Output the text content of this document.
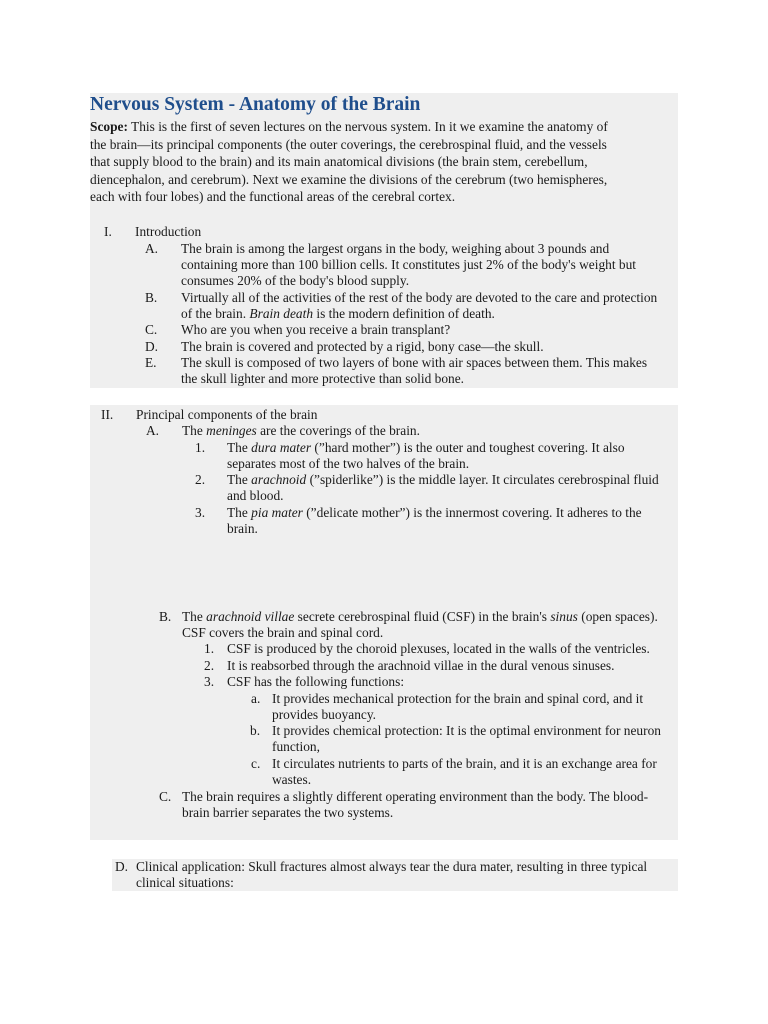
Nervous System - Anatomy of the Brain
Scope: This is the first of seven lectures on the nervous system. In it we examine the anatomy of
the brain—its principal components (the outer coverings, the cerebrospinal fluid, and the vessels
that supply blood to the brain) and its main anatomical divisions (the brain stem, cerebellum,
diencephalon, and cerebrum). Next we examine the divisions of the cerebrum (two hemispheres,
each with four lobes) and the functional areas of the cerebral cortex.
I. Introduction
A. The brain is among the largest organs in the body, weighing about 3 pounds and
containing more than 100 billion cells. It constitutes just 2% of the body's weight but
consumes 20% of the body's blood supply.
B. Virtually all of the activities of the rest of the body are devoted to the care and protection
of the brain. Brain death is the modern definition of death.
C. Who are you when you receive a brain transplant?
D. The brain is covered and protected by a rigid, bony case—the skull.
E. The skull is composed of two layers of bone with air spaces between them. This makes
the skull lighter and more protective than solid bone.
II. Principal components of the brain
A. The meninges are the coverings of the brain.
1. The dura mater (”hard mother”) is the outer and toughest covering. It also
separates most of the two halves of the brain.
2. The arachnoid (”spiderlike”) is the middle layer. It circulates cerebrospinal fluid
and blood.
3. The pia mater (”delicate mother”) is the innermost covering. It adheres to the
brain.
B. The arachnoid villae secrete cerebrospinal fluid (CSF) in the brain's sinus (open spaces).
CSF covers the brain and spinal cord.
1. CSF is produced by the choroid plexuses, located in the walls of the ventricles.
2. It is reabsorbed through the arachnoid villae in the dural venous sinuses.
3. CSF has the following functions:
a. It provides mechanical protection for the brain and spinal cord, and it
provides buoyancy.
b. It provides chemical protection: It is the optimal environment for neuron
function,
c. It circulates nutrients to parts of the brain, and it is an exchange area for
wastes.
C. The brain requires a slightly different operating environment than the body. The blood-
brain barrier separates the two systems.
D. Clinical application: Skull fractures almost always tear the dura mater, resulting in three typical
clinical situations:
